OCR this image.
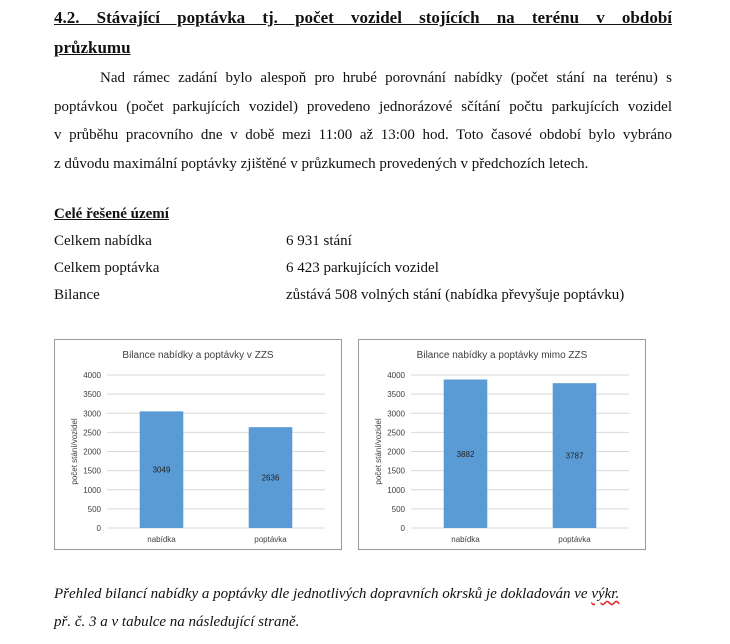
4.2. Stávající poptávka tj. počet vozidel stojících na terénu v období
průzkumu
Nad rámec zadání bylo alespoň pro hrubé porovnání nabídky (počet stání na terénu) s
poptávkou (počet parkujících vozidel) provedeno jednorázové sčítání počtu parkujících vozidel
v průběhu pracovního dne v době mezi 11:00 až 13:00 hod. Toto časové období bylo vybráno
z důvodu maximální poptávky zjištěné v průzkumech provedených v předchozích letech.
Celé řešené území
Celkem nabídka	6 931 stání
Celkem poptávka	6 423 parkujících vozidel
Bilance	zůstává 508 volných stání (nabídka převyšuje poptávku)
Bilance nabídky a poptávky v ZZS
počet stání/vozidel
0
500
1000
1500
2000
2500
3000
3500
4000
3049
nabídka
2636
poptávka
Bilance nabídky a poptávky mimo ZZS
počet stání/vozidel
0
500
1000
1500
2000
2500
3000
3500
4000
3882
nabídka
3787
poptávka

Přehled bilancí nabídky a poptávky dle jednotlivých dopravních okrsků je dokladován ve výkr.
př. č. 3 a v tabulce na následující straně.
